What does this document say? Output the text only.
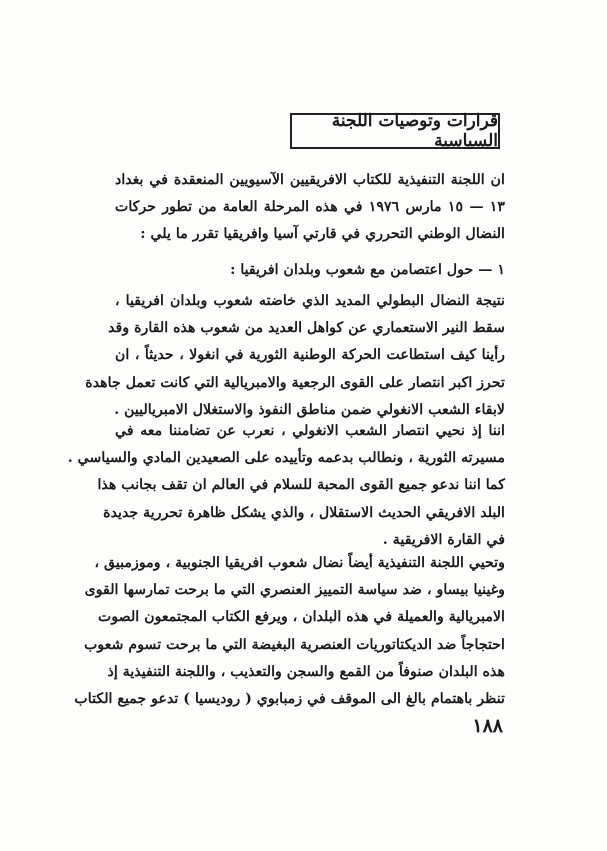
قرارات وتوصيات اللجنة السياسية
ان اللجنة التنفيذية للكتاب الافريقيين الآسيويين المنعقدة في بغداد
١٣ — ١٥ مارس ١٩٧٦ في هذه المرحلة العامة من تطور حركات
النضال الوطني التحرري في قارتي آسيا وافريقيا تقرر ما يلي :
١ — حول اعتصامن مع شعوب وبلدان افريقيا :
نتيجة النضال البطولي المديد الذي خاضته شعوب وبلدان افريقيا ،
سقط النير الاستعماري عن كواهل العديد من شعوب هذه القارة وقد
رأينا كيف استطاعت الحركة الوطنية الثورية في انغولا ، حديثاً ، ان
تحرز اكبر انتصار على القوى الرجعية والامبريالية التي كانت تعمل جاهدة
لابقاء الشعب الانغولي ضمن مناطق النفوذ والاستغلال الامبرياليين .
اننا إذ نحيي انتصار الشعب الانغولي ، نعرب عن تضامننا معه في
مسيرته الثورية ، ونطالب بدعمه وتأييده على الصعيدين المادي والسياسي .
كما اننا ندعو جميع القوى المحبة للسلام في العالم ان تقف بجانب هذا
البلد الافريقي الحديث الاستقلال ، والذي يشكل ظاهرة تحررية جديدة
في القارة الافريقية .
وتحيي اللجنة التنفيذية أيضاً نضال شعوب افريقيا الجنوبية ، وموزمبيق ،
وغينيا بيساو ، ضد سياسة التمييز العنصري التي ما برحت تمارسها القوى
الامبريالية والعميلة في هذه البلدان ، ويرفع الكتاب المجتمعون الصوت
احتجاجاً ضد الديكتاتوريات العنصرية البغيضة التي ما برحت تسوم شعوب
هذه البلدان صنوفاً من القمع والسجن والتعذيب ، واللجنة التنفيذية إذ
تنظر باهتمام بالغ الى الموقف في زمبابوي ( روديسيا ) تدعو جميع الكتاب
١٨٨
